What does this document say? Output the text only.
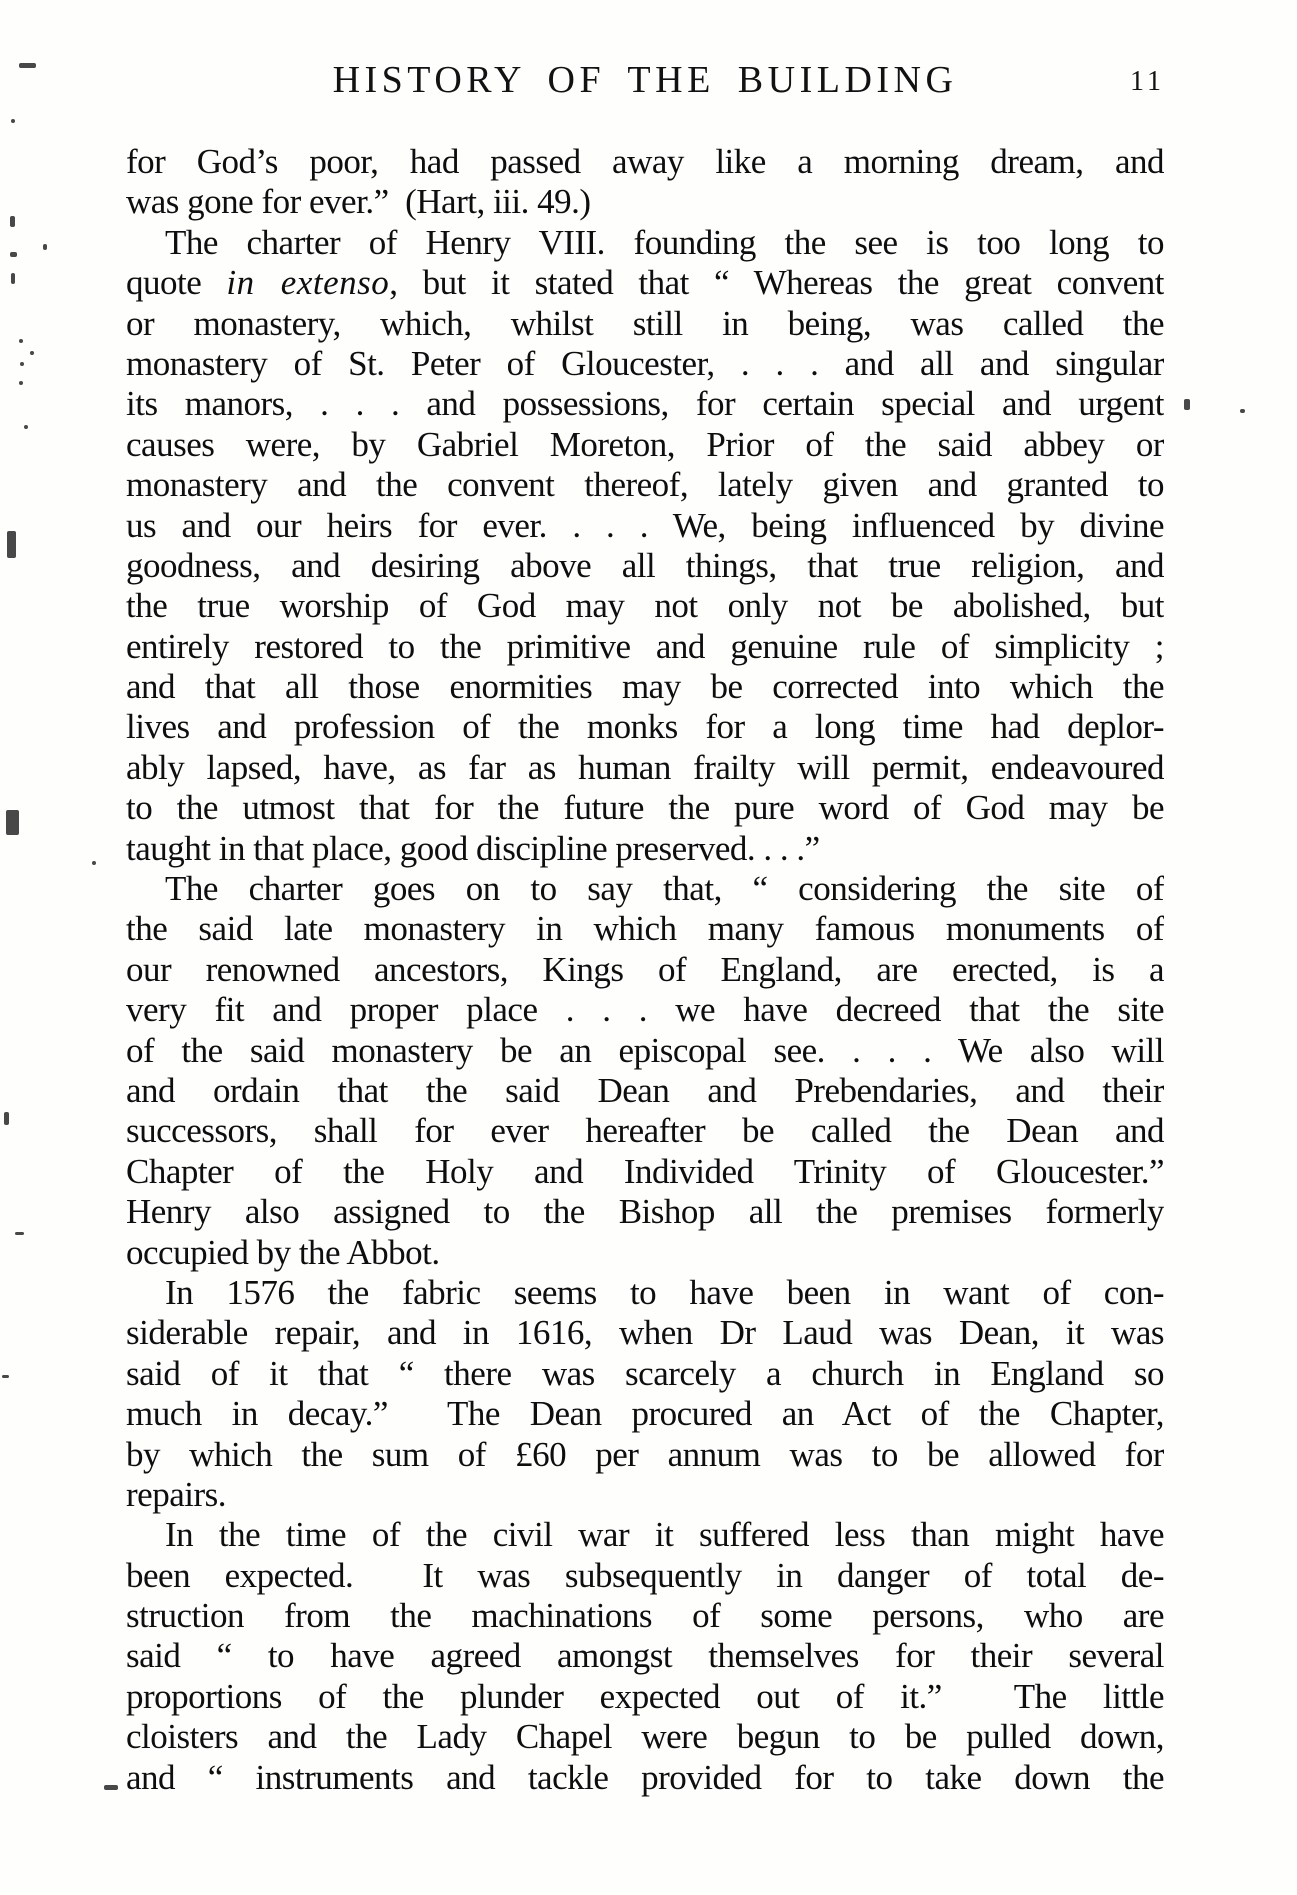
HISTORY OF THE BUILDING	11
for God’s poor, had passed away like a morning dream, and
was gone for ever.”  (Hart, iii. 49.)
The charter of Henry VIII. founding the see is too long to
quote in extenso, but it stated that “ Whereas the great convent
or monastery, which, whilst still in being, was called the
monastery of St. Peter of Gloucester, . . . and all and singular
its manors, . . . and possessions, for certain special and urgent
causes were, by Gabriel Moreton, Prior of the said abbey or
monastery and the convent thereof, lately given and granted to
us and our heirs for ever. . . . We, being influenced by divine
goodness, and desiring above all things, that true religion, and
the true worship of God may not only not be abolished, but
entirely restored to the primitive and genuine rule of simplicity ;
and that all those enormities may be corrected into which the
lives and profession of the monks for a long time had deplor-
ably lapsed, have, as far as human frailty will permit, endeavoured
to the utmost that for the future the pure word of God may be
taught in that place, good discipline preserved. . . .”
The charter goes on to say that, “ considering the site of
the said late monastery in which many famous monuments of
our renowned ancestors, Kings of England, are erected, is a
very fit and proper place . . . we have decreed that the site
of the said monastery be an episcopal see. . . . We also will
and ordain that the said Dean and Prebendaries, and their
successors, shall for ever hereafter be called the Dean and
Chapter of the Holy and Individed Trinity of Gloucester.”
Henry also assigned to the Bishop all the premises formerly
occupied by the Abbot.
In 1576 the fabric seems to have been in want of con-
siderable repair, and in 1616, when Dr Laud was Dean, it was
said of it that “ there was scarcely a church in England so
much in decay.”  The Dean procured an Act of the Chapter,
by which the sum of £60 per annum was to be allowed for
repairs.
In the time of the civil war it suffered less than might have
been expected.  It was subsequently in danger of total de-
struction from the machinations of some persons, who are
said “ to have agreed amongst themselves for their several
proportions of the plunder expected out of it.”  The little
cloisters and the Lady Chapel were begun to be pulled down,
and “ instruments and tackle provided for to take down the
